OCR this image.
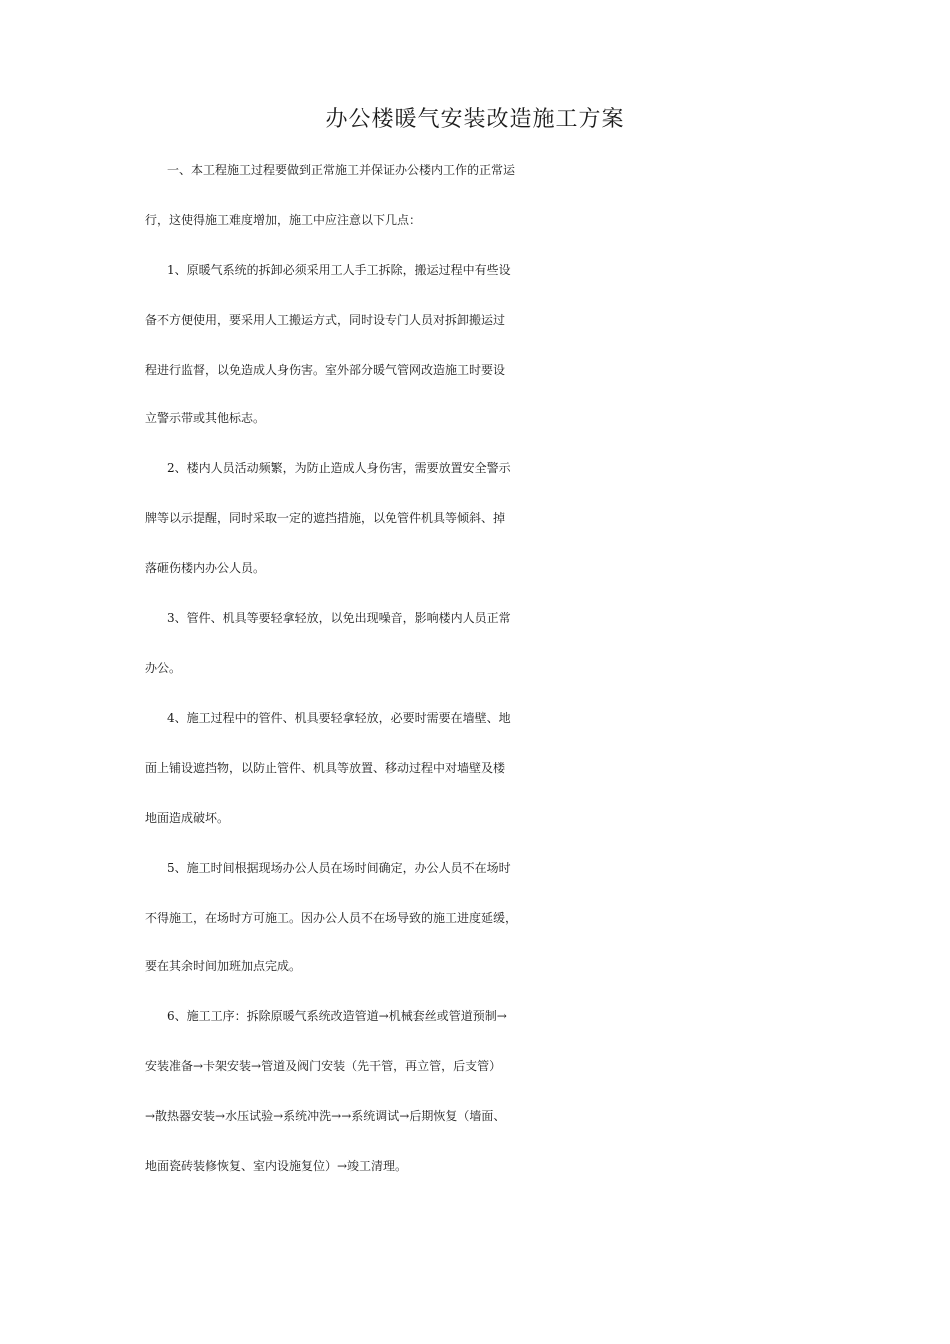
办公楼暖气安装改造施工方案
一、本工程施工过程要做到正常施工并保证办公楼内工作的正常运
行，这使得施工难度增加，施工中应注意以下几点：
1、原暖气系统的拆卸必须采用工人手工拆除，搬运过程中有些设
备不方便使用，要采用人工搬运方式，同时设专门人员对拆卸搬运过
程进行监督，以免造成人身伤害。室外部分暖气管网改造施工时要设
立警示带或其他标志。
2、楼内人员活动频繁，为防止造成人身伤害，需要放置安全警示
牌等以示提醒，同时采取一定的遮挡措施，以免管件机具等倾斜、掉
落砸伤楼内办公人员。
3、管件、机具等要轻拿轻放，以免出现噪音，影响楼内人员正常
办公。
4、施工过程中的管件、机具要轻拿轻放，必要时需要在墙壁、地
面上铺设遮挡物，以防止管件、机具等放置、移动过程中对墙壁及楼
地面造成破坏。
5、施工时间根据现场办公人员在场时间确定，办公人员不在场时
不得施工，在场时方可施工。因办公人员不在场导致的施工进度延缓，
要在其余时间加班加点完成。
6、施工工序：拆除原暖气系统改造管道→机械套丝或管道预制→
安装准备→卡架安装→管道及阀门安装（先干管，再立管，后支管）
→散热器安装→水压试验→系统冲洗→→系统调试→后期恢复（墙面、
地面瓷砖装修恢复、室内设施复位）→竣工清理。
